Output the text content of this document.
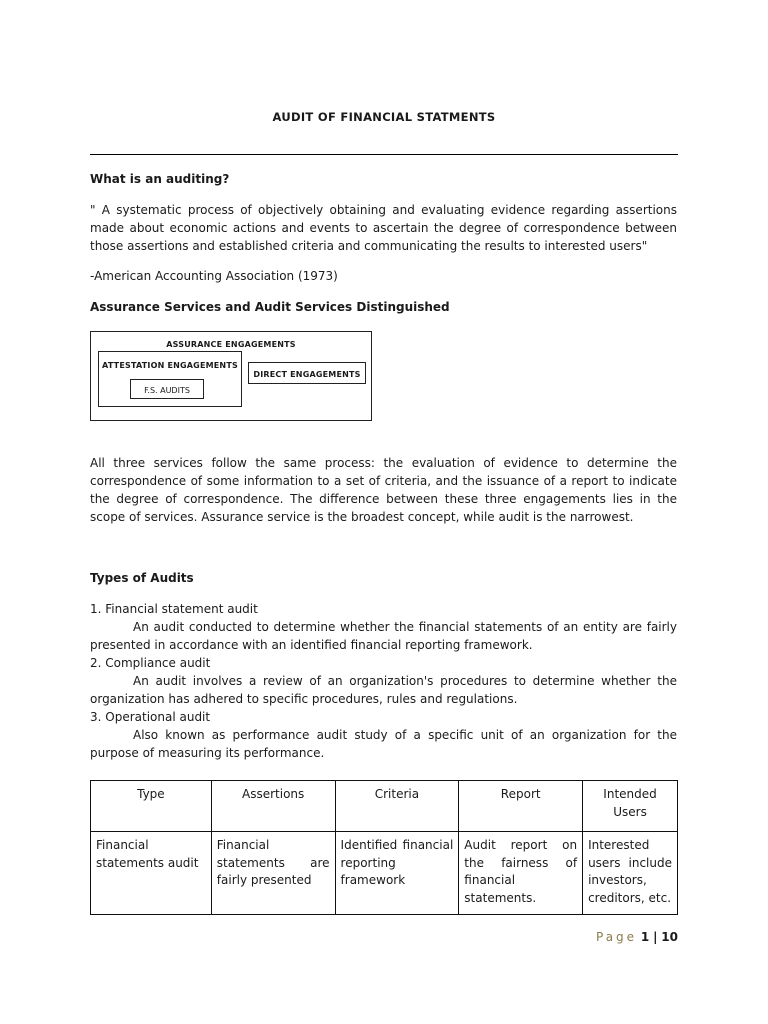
AUDIT OF FINANCIAL STATMENTS
What is an auditing?
" A systematic process of objectively obtaining and evaluating evidence regarding assertions made about economic actions and events to ascertain the degree of correspondence between those assertions and established criteria and communicating the results to interested users"
-American Accounting Association (1973)
Assurance Services and Audit Services Distinguished
ASSURANCE ENGAGEMENTS
ATTESTATION ENGAGEMENTS
F.S. AUDITS
DIRECT ENGAGEMENTS
All three services follow the same process: the evaluation of evidence to determine the correspondence of some information to a set of criteria, and the issuance of a report to indicate the degree of correspondence. The difference between these three engagements lies in the scope of services. Assurance service is the broadest concept, while audit is the narrowest.
Types of Audits
1. Financial statement audit
An audit conducted to determine whether the financial statements of an entity are fairly presented in accordance with an identified financial reporting framework.
2. Compliance audit
An audit involves a review of an organization's procedures to determine whether the organization has adhered to specific procedures, rules and regulations.
3. Operational audit
Also known as performance audit study of a specific unit of an organization for the purpose of measuring its performance.
Type	Assertions	Criteria	Report	Intended Users
Financial statements audit	Financial statements are fairly presented	Identified financial reporting framework	Audit report on the fairness of financial statements.	Interested users include investors, creditors, etc.
Page 1 | 10
